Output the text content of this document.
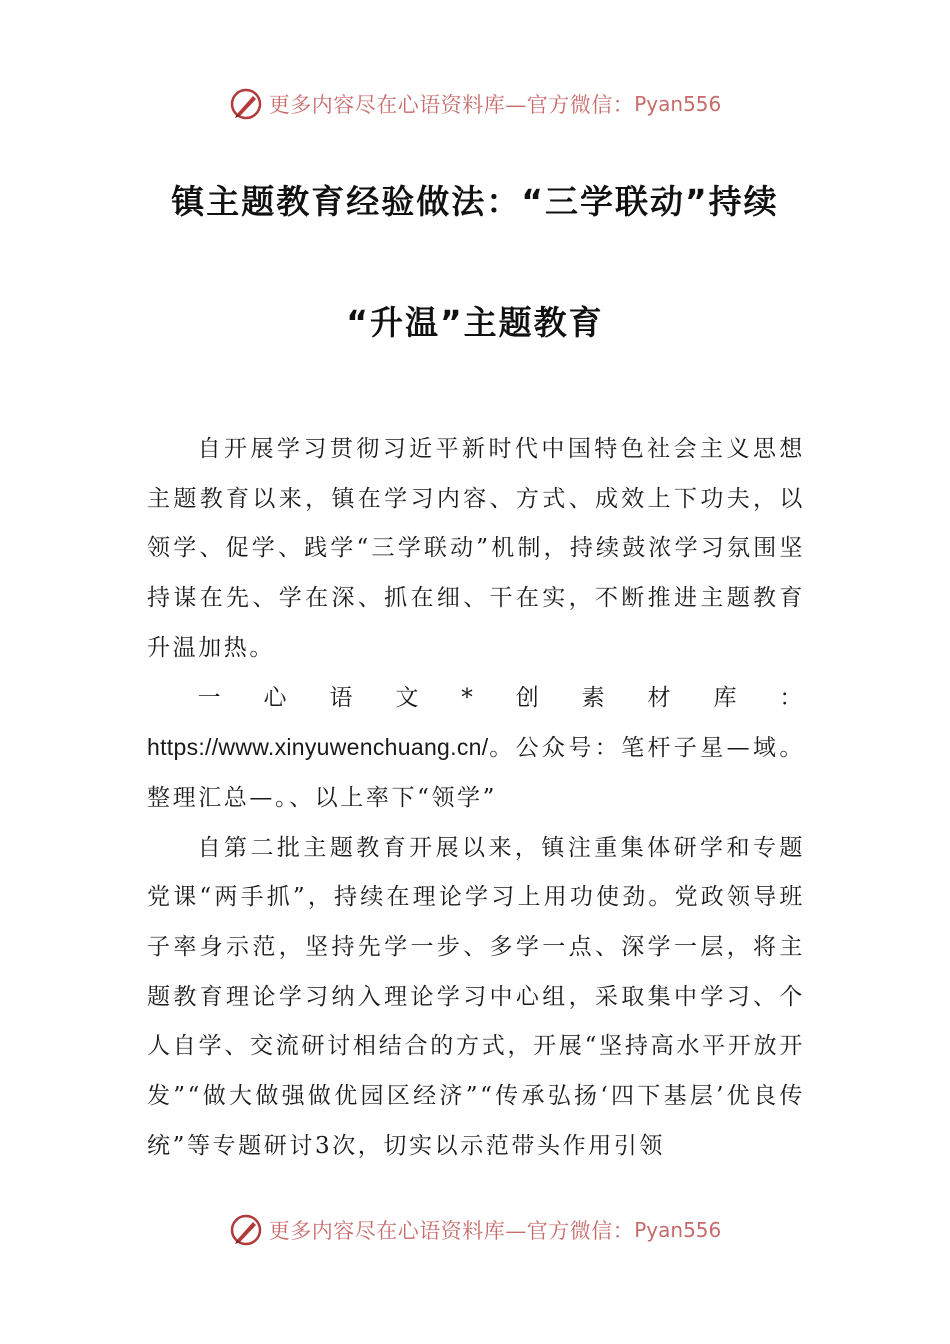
更多内容尽在心语资料库—官方微信： Pyan556
镇主题教育经验做法：“三学联动”持续
“升温”主题教育

自开展学习贯彻习近平新时代中国特色社会主义思想主题教育以来，镇在学习内容、方式、成效上下功夫，以领学、促学、践学“三学联动”机制，持续鼓浓学习氛围坚持谋在先、学在深、抓在细、干在实，不断推进主题教育升温加热。

一心语文*创素材库：https://www.xinyuwenchuang.cn/。公众号：笔杆子星—域。整理汇总—。、以上率下“领学”

自第二批主题教育开展以来，镇注重集体研学和专题党课“两手抓”，持续在理论学习上用功使劲。党政领导班子率身示范，坚持先学一步、多学一点、深学一层，将主题教育理论学习纳入理论学习中心组，采取集中学习、个人自学、交流研讨相结合的方式，开展“坚持高水平开放开发”“做大做强做优园区经济”“传承弘扬‘四下基层’优良传统”等专题研讨3次，切实以示范带头作用引领

更多内容尽在心语资料库—官方微信： Pyan556
